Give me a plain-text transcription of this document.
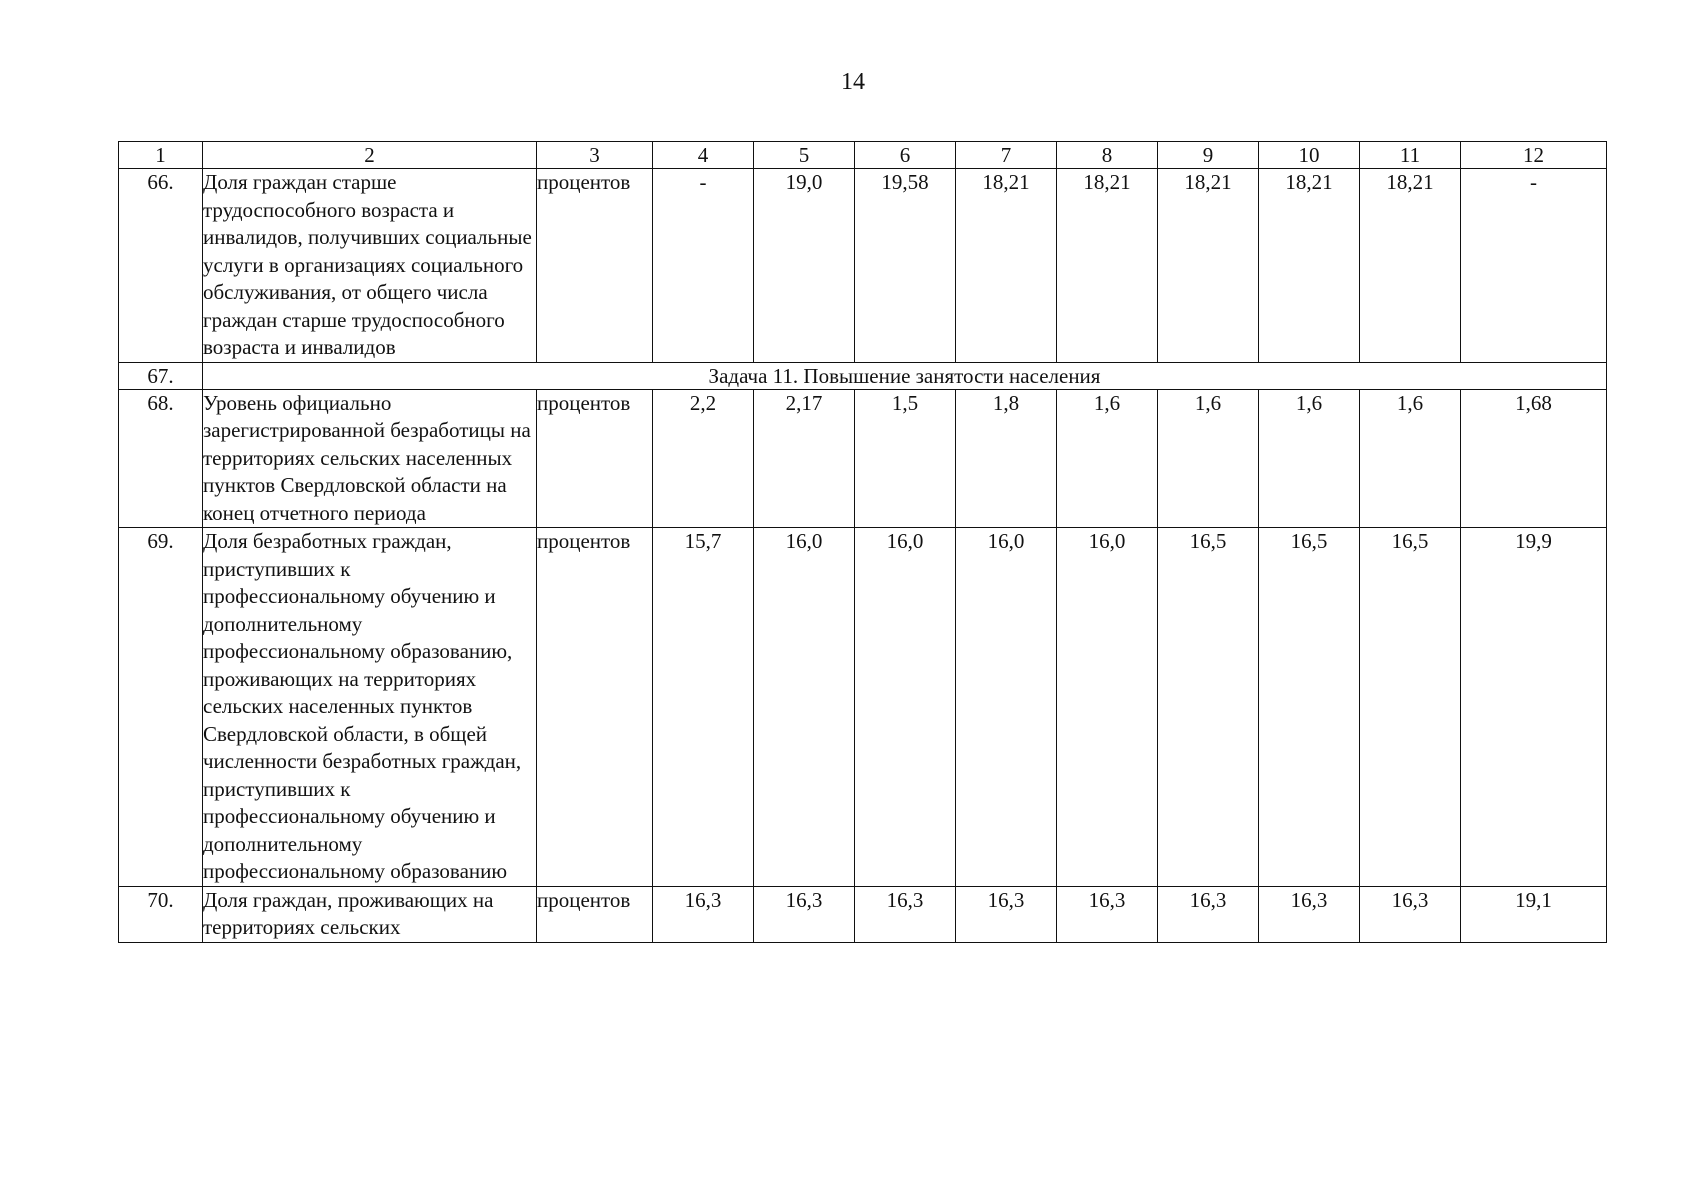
14
1	2	3	4	5	6	7	8	9	10	11	12
66.	Доля граждан старше трудоспособного возраста и инвалидов, получивших социальные услуги в организациях социального обслуживания, от общего числа граждан старше трудоспособного возраста и инвалидов	процентов	-	19,0	19,58	18,21	18,21	18,21	18,21	18,21	-
67.	Задача 11. Повышение занятости населения										
68.	Уровень официально зарегистрированной безработицы на территориях сельских населенных пунктов Свердловской области на конец отчетного периода	процентов	2,2	2,17	1,5	1,8	1,6	1,6	1,6	1,6	1,68
69.	Доля безработных граждан, приступивших к профессиональному обучению и дополнительному профессиональному образованию, проживающих на территориях сельских населенных пунктов Свердловской области, в общей численности безработных граждан, приступивших к профессиональному обучению и дополнительному профессиональному образованию	процентов	15,7	16,0	16,0	16,0	16,0	16,5	16,5	16,5	19,9
70.	Доля граждан, проживающих на территориях сельских	процентов	16,3	16,3	16,3	16,3	16,3	16,3	16,3	16,3	19,1
